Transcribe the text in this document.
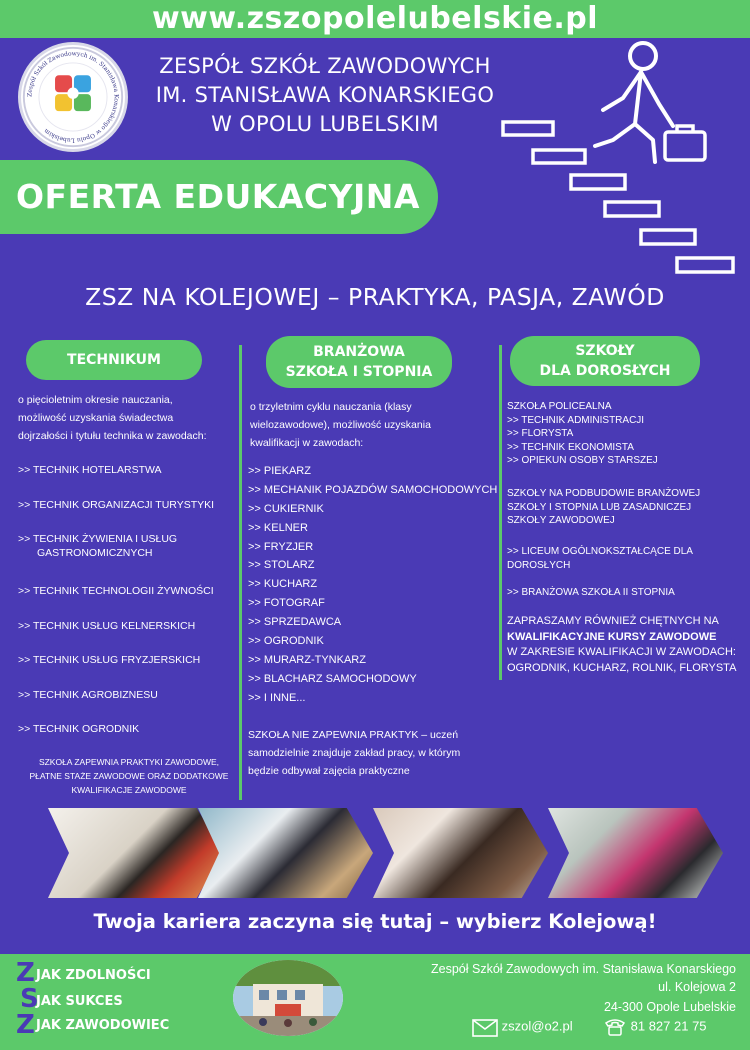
www.zszopolelubelskie.pl
Zespół Szkół Zawodowych im. Stanisława Konarskiego w Opolu Lubelskim
ZESPÓŁ SZKÓŁ ZAWODOWYCH
IM. STANISŁAWA KONARSKIEGO
W OPOLU LUBELSKIM
OFERTA EDUKACYJNA
ZSZ NA KOLEJOWEJ – PRAKTYKA, PASJA, ZAWÓD
TECHNIKUM	BRANŻOWA
SZKOŁA I STOPNIA
SZKOŁY
DLA DOROSŁYCH
o pięcioletnim okresie nauczania,
możliwość uzyskania świadectwa
dojrzałości i tytułu technika w zawodach:
>> TECHNIK HOTELARSTWA
>> TECHNIK ORGANIZACJI TURYSTYKI
>> TECHNIK ŻYWIENIA I USŁUG
GASTRONOMICZNYCH
>> TECHNIK TECHNOLOGII ŻYWNOŚCI
>> TECHNIK USŁUG KELNERSKICH
>> TECHNIK USŁUG FRYZJERSKICH
>> TECHNIK AGROBIZNESU
>> TECHNIK OGRODNIK
SZKOŁA ZAPEWNIA PRAKTYKI ZAWODOWE,
PŁATNE STAŻE ZAWODOWE ORAZ DODATKOWE
KWALIFIKACJE ZAWODOWE
o trzyletnim cyklu nauczania (klasy
wielozawodowe), możliwość uzyskania
kwalifikacji w zawodach:
>> PIEKARZ
>> MECHANIK POJAZDÓW SAMOCHODOWYCH
>> CUKIERNIK
>> KELNER
>> FRYZJER
>> STOLARZ
>> KUCHARZ
>> FOTOGRAF
>> SPRZEDAWCA
>> OGRODNIK
>> MURARZ-TYNKARZ
>> BLACHARZ SAMOCHODOWY
>> I INNE...
SZKOŁA NIE ZAPEWNIA PRAKTYK – uczeń
samodzielnie znajduje zakład pracy, w którym
będzie odbywał zajęcia praktyczne
SZKOŁA POLICEALNA
>> TECHNIK ADMINISTRACJI
>> FLORYSTA
>> TECHNIK EKONOMISTA
>> OPIEKUN OSOBY STARSZEJ
SZKOŁY NA PODBUDOWIE BRANŻOWEJ
SZKOŁY I STOPNIA LUB ZASADNICZEJ
SZKOŁY ZAWODOWEJ
>> LICEUM OGÓLNOKSZTAŁCĄCE DLA
DOROSŁYCH
>> BRANŻOWA SZKOŁA II STOPNIA
ZAPRASZAMY RÓWNIEŻ CHĘTNYCH NA
KWALIFIKACYJNE KURSY ZAWODOWE
W ZAKRESIE KWALIFIKACJI W ZAWODACH:
OGRODNIK, KUCHARZ, ROLNIK, FLORYSTA
Twoja kariera zaczyna się tutaj – wybierz Kolejową!
Z JAK ZDOLNOŚCI
S
JAK SUKCES
Z JAK ZAWODOWIEC
Zespół Szkół Zawodowych im. Stanisława Konarskiego
ul. Kolejowa 2
24-300 Opole Lubelskie
zszol@o2.pl	81 827 21 75
